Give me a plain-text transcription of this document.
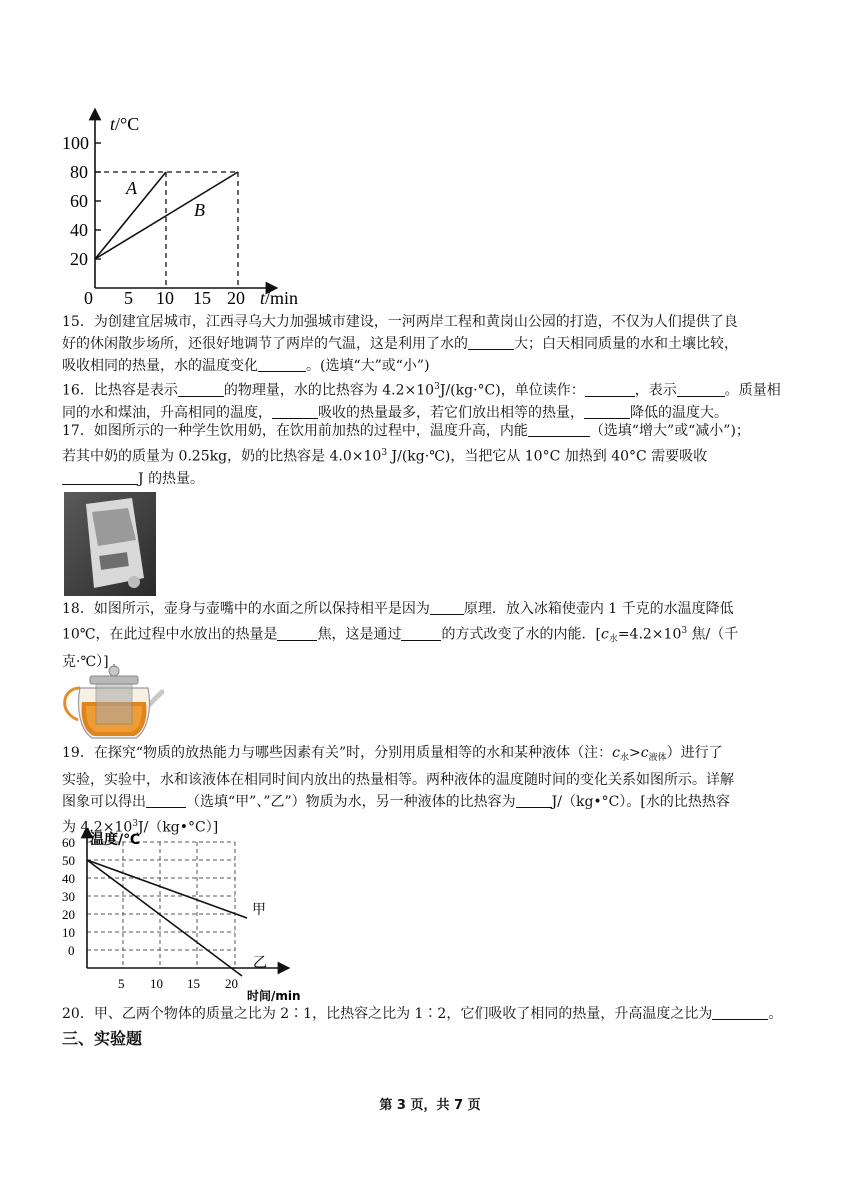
100
80
60
40
20
0 5 10 15 20
t/°C
t/min
A
B
15．为创建宜居城市，江西寻乌大力加强城市建设，一河两岸工程和黄岗山公园的打造，不仅为人们提供了良
好的休闲散步场所，还很好地调节了两岸的气温，这是利用了水的	大；白天相同质量的水和土壤比较，
吸收相同的热量，水的温度变化	。(选填“大”或“小”)
16．比热容是表示	的物理量，水的比热容为 $4.2\times 10^3J/(kg\cdot^\circ C)$，单位读作：	，表示	。质量相
同的水和煤油，升高相同的温度，	吸收的热量最多，若它们放出相等的热量，	降低的温度大。
17．如图所示的一种学生饮用奶，在饮用前加热的过程中，温度升高，内能	（选填“增大”或“减小”)；
若其中奶的质量为 0.25kg，奶的比热容是 $4.0\times 10^3$ J/(kg·℃)，当把它从 10°C 加热到 40°C 需要吸收
J 的热量。
18．如图所示，壶身与壶嘴中的水面之所以保持相平是因为 原理．放入冰箱使壶内 1 千克的水温度降低
10℃，在此过程中水放出的热量是	焦，这是通过	的方式改变了水的内能．[$c_水=4.2\times 10^3$ 焦/（千
克·℃）]
19．在探究“物质的放热能力与哪些因素有关”时，分别用质量相等的水和某种液体（注：$c_水>c_{液体}$）进行了
实验，实验中，水和该液体在相同时间内放出的热量相等。两种液体的温度随时间的变化关系如图所示。详解
图象可以得出	（选填“甲”、”乙”）物质为水，另一种液体的比热容为	J/（kg•°C）。[水的比热热容
为 $4.2\times 10^3J/(kg•^\circ C)$]
温度/℃
时间/min
60
50
40
30
20
10
0
5 10 15 20
甲
乙
20．甲、乙两个物体的质量之比为 2∶1，比热容之比为 1∶2，它们吸收了相同的热量，升高温度之比为	。
三、实验题
第 3 页，共 7 页
